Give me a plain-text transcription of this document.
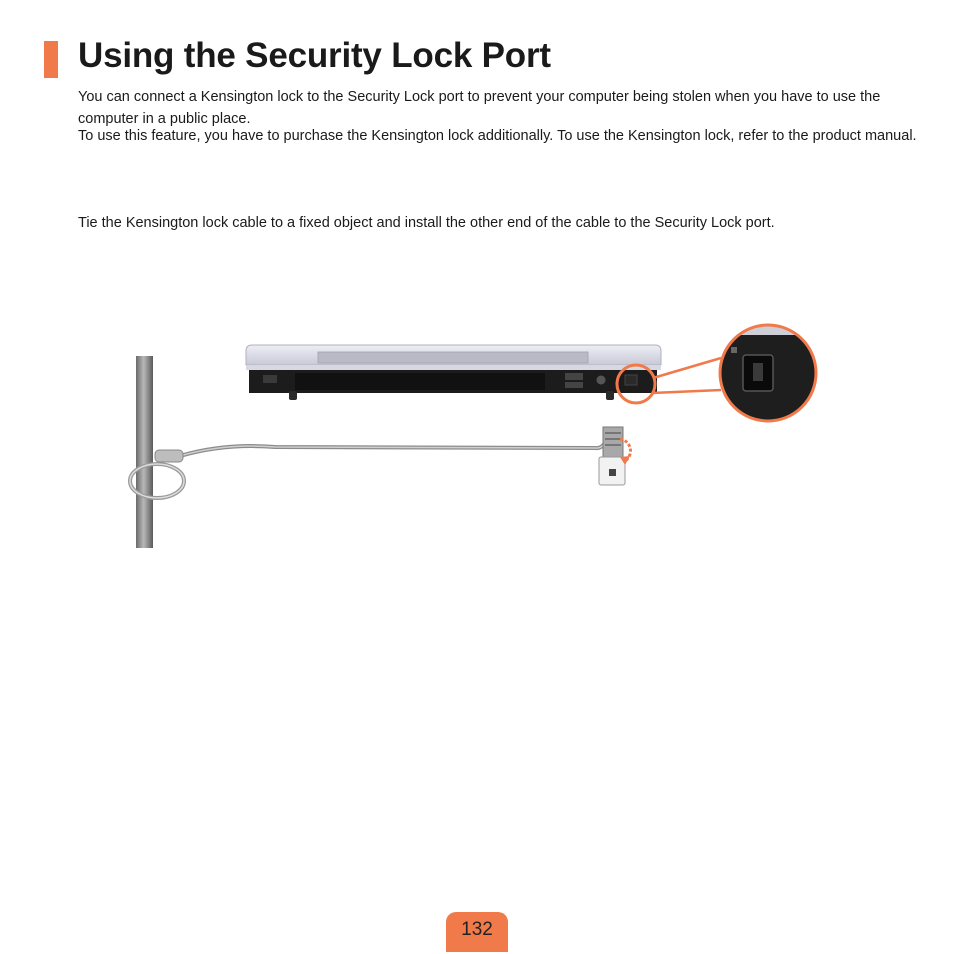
Using the Security Lock Port

You can connect a Kensington lock to the Security Lock port to prevent your computer being stolen when you have to use the computer in a public place.

To use this feature, you have to purchase the Kensington lock additionally. To use the Kensington lock, refer to the product manual.

Tie the Kensington lock cable to a fixed object and install the other end of the cable to the Security Lock port.

132
